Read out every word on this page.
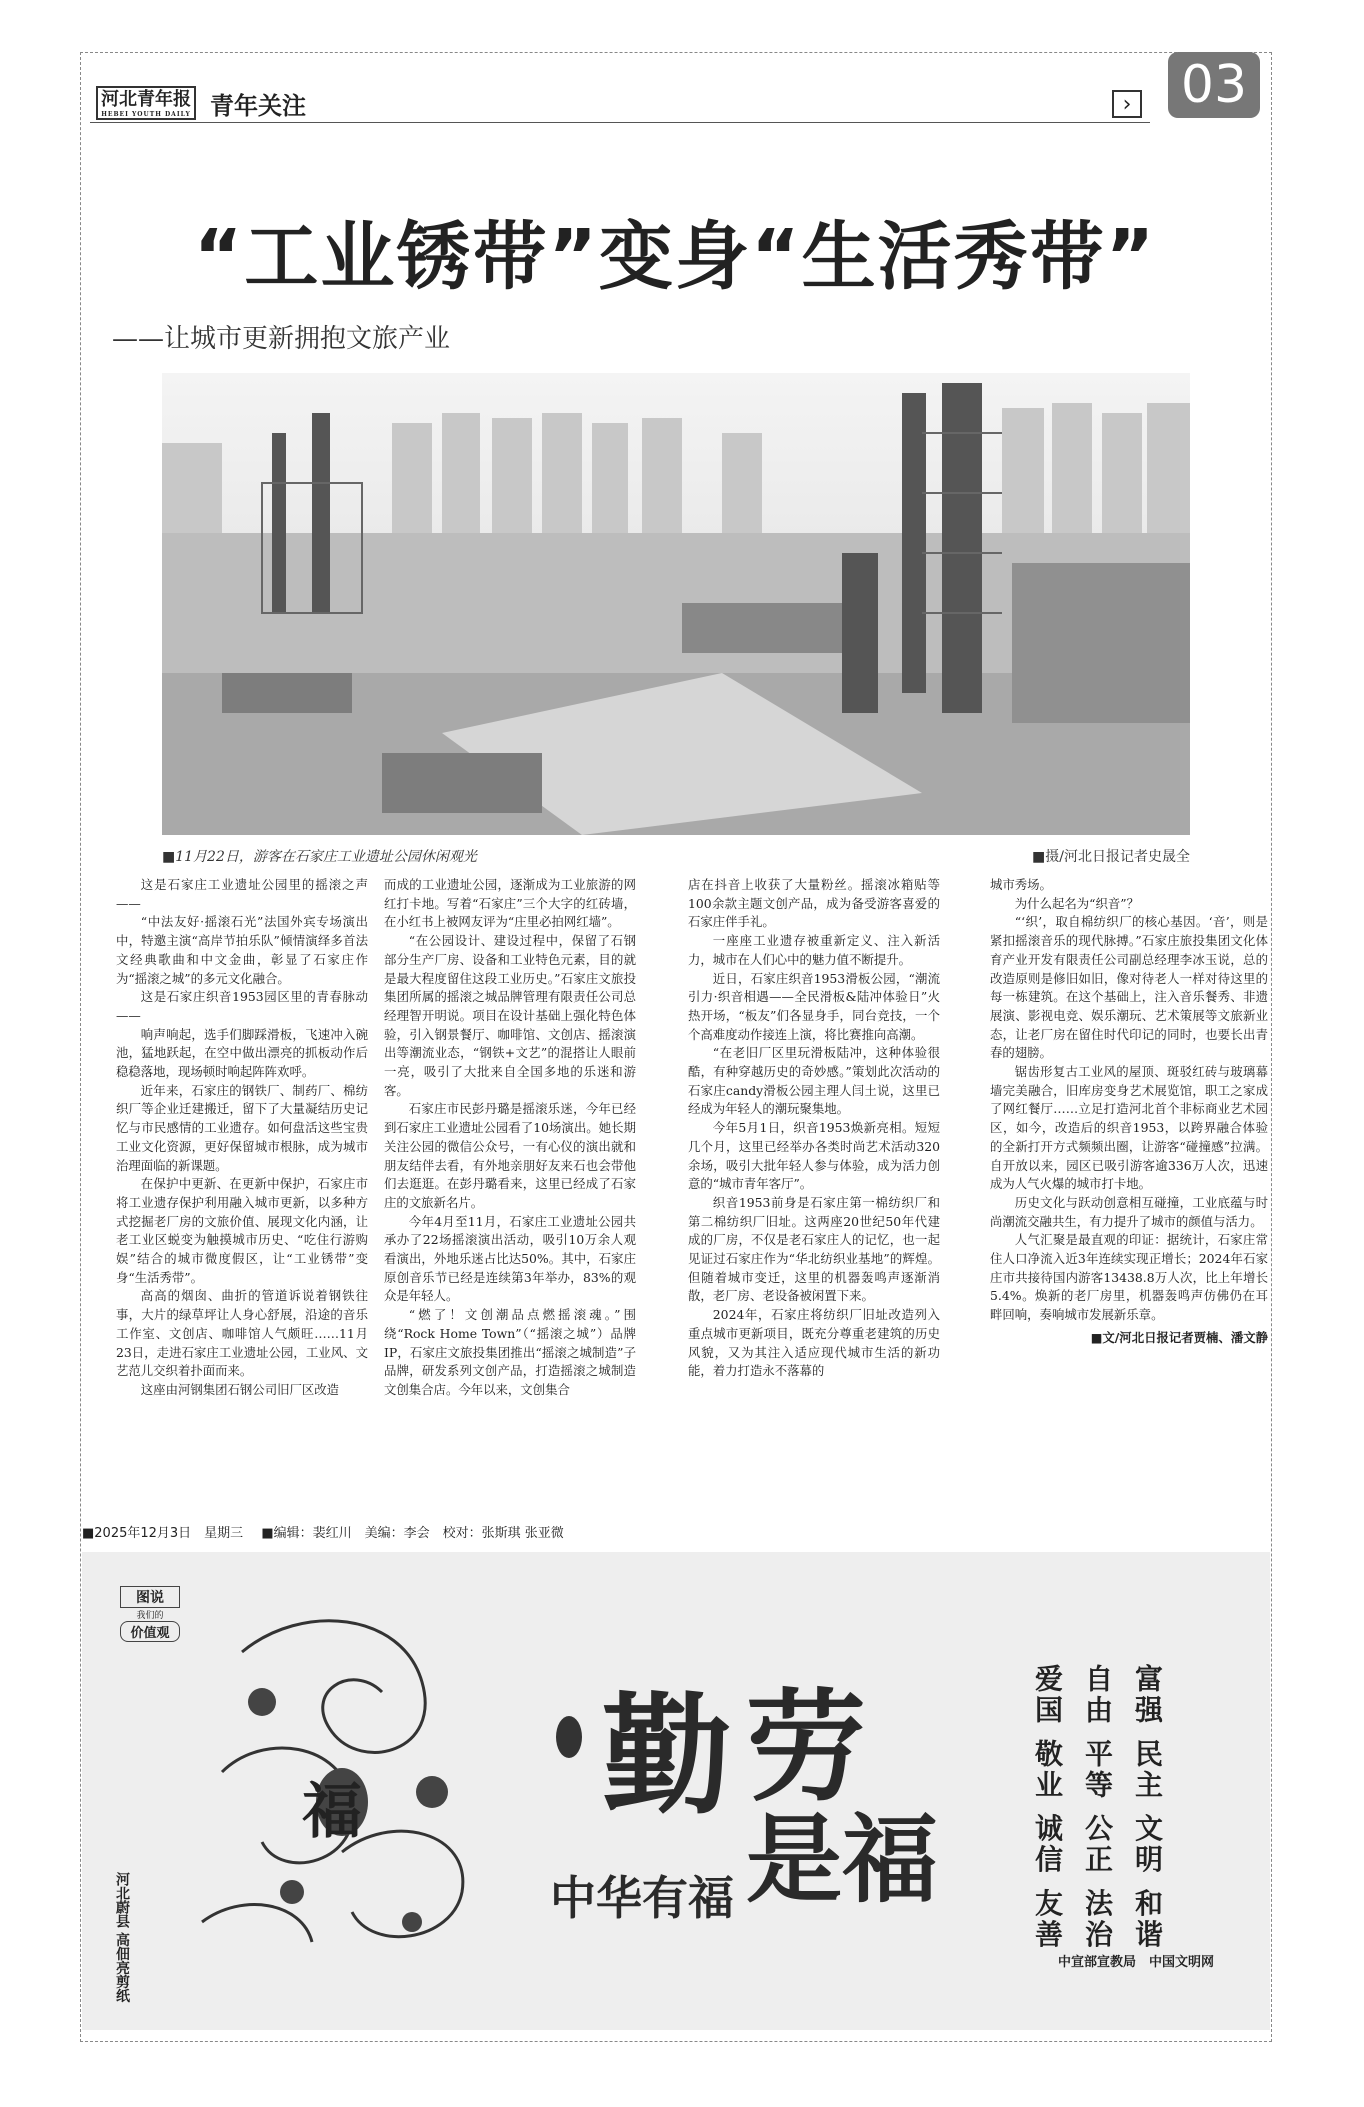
河北青年报
HEBEI YOUTH DAILY 青年关注	› 03
“工业锈带”变身“生活秀带”
——让城市更新拥抱文旅产业
■11月22日，游客在石家庄工业遗址公园休闲观光	■摄/河北日报记者史晟全

这是石家庄工业遗址公园里的摇滚之声——

“中法友好·摇滚石光”法国外宾专场演出中，特邀主演“高岸节拍乐队”倾情演绎多首法文经典歌曲和中文金曲，彰显了石家庄作为“摇滚之城”的多元文化融合。

这是石家庄织音1953园区里的青春脉动——

响声响起，选手们脚踩滑板，飞速冲入碗池，猛地跃起，在空中做出漂亮的抓板动作后稳稳落地，现场顿时响起阵阵欢呼。

近年来，石家庄的钢铁厂、制药厂、棉纺织厂等企业迁建搬迁，留下了大量凝结历史记忆与市民感情的工业遗存。如何盘活这些宝贵工业文化资源，更好保留城市根脉，成为城市治理面临的新课题。

在保护中更新、在更新中保护，石家庄市将工业遗存保护利用融入城市更新，以多种方式挖掘老厂房的文旅价值、展现文化内涵，让老工业区蜕变为触摸城市历史、“吃住行游购娱”结合的城市微度假区，让“工业锈带”变身“生活秀带”。

高高的烟囱、曲折的管道诉说着钢铁往事，大片的绿草坪让人身心舒展，沿途的音乐工作室、文创店、咖啡馆人气颇旺……11月23日，走进石家庄工业遗址公园，工业风、文艺范儿交织着扑面而来。

这座由河钢集团石钢公司旧厂区改造

而成的工业遗址公园，逐渐成为工业旅游的网红打卡地。写着“石家庄”三个大字的红砖墙，在小红书上被网友评为“庄里必拍网红墙”。

“在公园设计、建设过程中，保留了石钢部分生产厂房、设备和工业特色元素，目的就是最大程度留住这段工业历史。”石家庄文旅投集团所属的摇滚之城品牌管理有限责任公司总经理智开明说。项目在设计基础上强化特色体验，引入钢景餐厅、咖啡馆、文创店、摇滚演出等潮流业态，“钢铁+文艺”的混搭让人眼前一亮，吸引了大批来自全国多地的乐迷和游客。

石家庄市民彭丹璐是摇滚乐迷，今年已经到石家庄工业遗址公园看了10场演出。她长期关注公园的微信公众号，一有心仪的演出就和朋友结伴去看，有外地亲朋好友来石也会带他们去逛逛。在彭丹璐看来，这里已经成了石家庄的文旅新名片。

今年4月至11月，石家庄工业遗址公园共承办了22场摇滚演出活动，吸引10万余人观看演出，外地乐迷占比达50%。其中，石家庄原创音乐节已经是连续第3年举办，83%的观众是年轻人。

“燃了！文创潮品点燃摇滚魂。”围绕“Rock Home Town”（“摇滚之城”）品牌IP，石家庄文旅投集团推出“摇滚之城制造”子品牌，研发系列文创产品，打造摇滚之城制造文创集合店。今年以来，文创集合

店在抖音上收获了大量粉丝。摇滚冰箱贴等100余款主题文创产品，成为备受游客喜爱的石家庄伴手礼。

一座座工业遗存被重新定义、注入新活力，城市在人们心中的魅力值不断提升。

近日，石家庄织音1953滑板公园，“潮流引力·织音相遇——全民滑板&陆冲体验日”火热开场，“板友”们各显身手，同台竞技，一个个高难度动作接连上演，将比赛推向高潮。

“在老旧厂区里玩滑板陆冲，这种体验很酷，有种穿越历史的奇妙感。”策划此次活动的石家庄candy滑板公园主理人闫土说，这里已经成为年轻人的潮玩聚集地。

今年5月1日，织音1953焕新亮相。短短几个月，这里已经举办各类时尚艺术活动320余场，吸引大批年轻人参与体验，成为活力创意的“城市青年客厅”。

织音1953前身是石家庄第一棉纺织厂和第二棉纺织厂旧址。这两座20世纪50年代建成的厂房，不仅是老石家庄人的记忆，也一起见证过石家庄作为“华北纺织业基地”的辉煌。但随着城市变迁，这里的机器轰鸣声逐渐消散，老厂房、老设备被闲置下来。

2024年，石家庄将纺织厂旧址改造列入重点城市更新项目，既充分尊重老建筑的历史风貌，又为其注入适应现代城市生活的新功能，着力打造永不落幕的

城市秀场。

为什么起名为“织音”？

“‘织’，取自棉纺织厂的核心基因。‘音’，则是紧扣摇滚音乐的现代脉搏。”石家庄旅投集团文化体育产业开发有限责任公司副总经理李冰玉说，总的改造原则是修旧如旧，像对待老人一样对待这里的每一栋建筑。在这个基础上，注入音乐餐秀、非遗展演、影视电竞、娱乐潮玩、艺术策展等文旅新业态，让老厂房在留住时代印记的同时，也要长出青春的翅膀。

锯齿形复古工业风的屋顶、斑驳红砖与玻璃幕墙完美融合，旧库房变身艺术展览馆，职工之家成了网红餐厅……立足打造河北首个非标商业艺术园区，如今，改造后的织音1953，以跨界融合体验的全新打开方式频频出圈，让游客“碰撞感”拉满。自开放以来，园区已吸引游客逾336万人次，迅速成为人气火爆的城市打卡地。

历史文化与跃动创意相互碰撞，工业底蕴与时尚潮流交融共生，有力提升了城市的颜值与活力。

人气汇聚是最直观的印证：据统计，石家庄常住人口净流入近3年连续实现正增长；2024年石家庄市共接待国内游客13438.8万人次，比上年增长5.4%。焕新的老厂房里，机器轰鸣声仿佛仍在耳畔回响，奏响城市发展新乐章。

■文/河北日报记者贾楠、潘文静
■2025年12月3日　星期三 ■编辑：裴红川　美编：李会　校对：张斯琪 张亚微
图说
我们的
价值观
福
河北蔚县 高佃亮剪纸
勤 劳
是福
中华有福	富强 民主 文明 和谐
自由 平等 公正 法治
爱国 敬业 诚信 友善
中宣部宣教局　中国文明网
